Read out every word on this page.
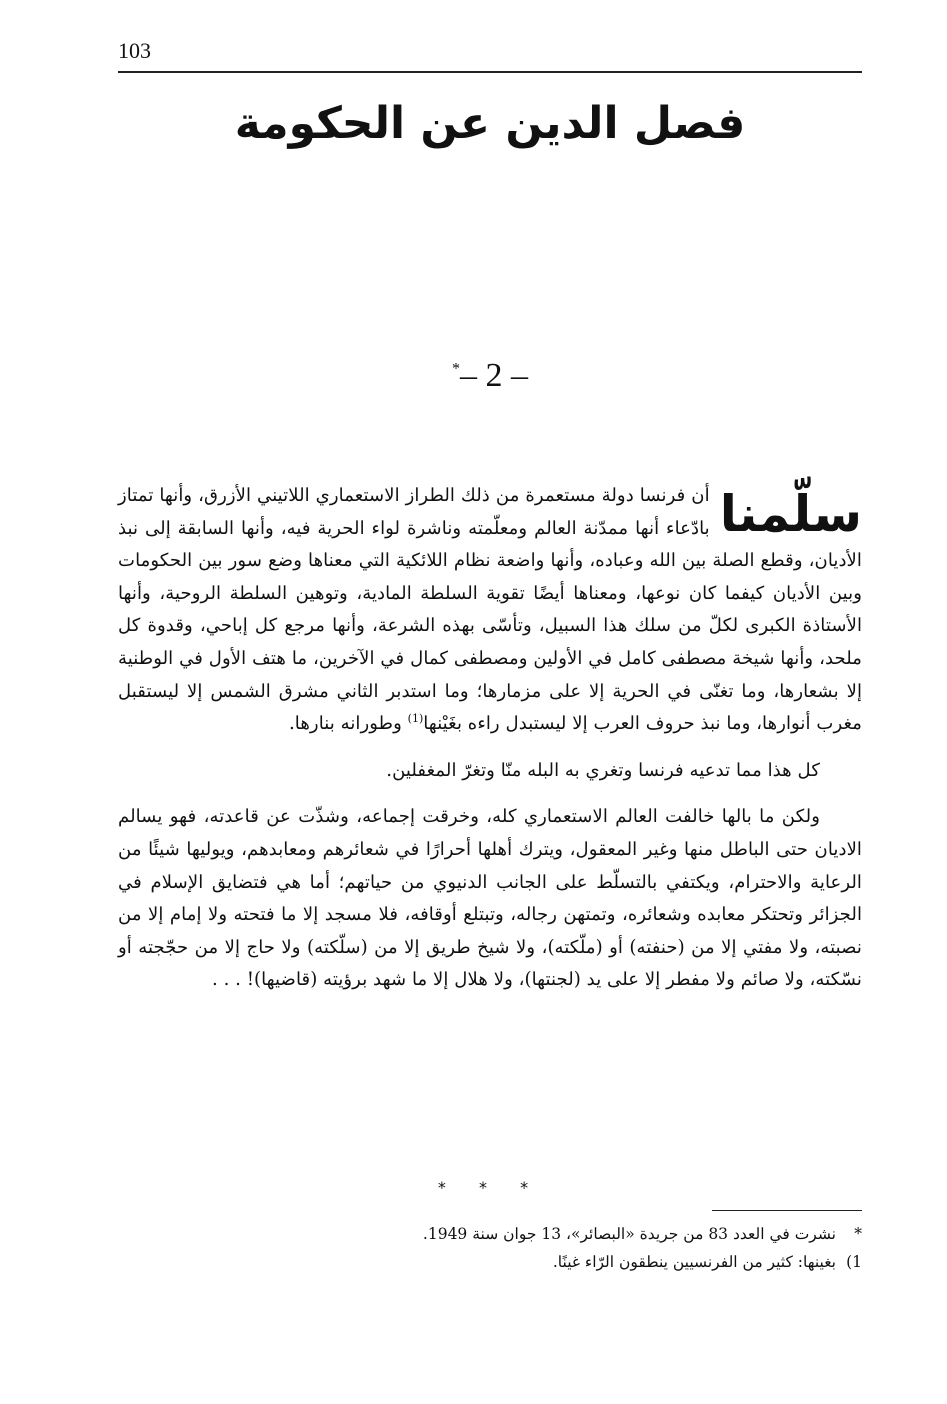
103
فصل الدين عن الحكومة
*– 2 –

سلّمنا
أن فرنسا دولة مستعمرة من ذلك الطراز الاستعماري اللاتيني الأزرق، وأنها تمتاز بادّعاء أنها ممدّنة العالم ومعلّمته وناشرة لواء الحرية فيه، وأنها السابقة إلى نبذ الأديان، وقطع الصلة بين الله وعباده، وأنها واضعة نظام اللائكية التي معناها وضع سور بين الحكومات وبين الأديان كيفما كان نوعها، ومعناها أيضًا تقوية السلطة المادية، وتوهين السلطة الروحية، وأنها الأستاذة الكبرى لكلّ من سلك هذا السبيل، وتأسّى بهذه الشرعة، وأنها مرجع كل إباحي، وقدوة كل ملحد، وأنها شيخة مصطفى كامل في الأولين ومصطفى كمال في الآخرين، ما هتف الأول في الوطنية إلا بشعارها، وما تغنّى في الحرية إلا على مزمارها؛ وما استدبر الثاني مشرق الشمس إلا ليستقبل مغرب أنوارها، وما نبذ حروف العرب إلا ليستبدل راءه بغَيْنها$^{(1)}$ وطورانه بنارها.

كل هذا مما تدعيه فرنسا وتغري به البله منّا وتغرّ المغفلين.

ولكن ما بالها خالفت العالم الاستعماري كله، وخرقت إجماعه، وشذّت عن قاعدته، فهو يسالم الاديان حتى الباطل منها وغير المعقول، ويترك أهلها أحرارًا في شعائرهم ومعابدهم، ويوليها شيئًا من الرعاية والاحترام، ويكتفي بالتسلّط على الجانب الدنيوي من حياتهم؛ أما هي فتضايق الإسلام في الجزائر وتحتكر معابده وشعائره، وتمتهن رجاله، وتبتلع أوقافه، فلا مسجد إلا ما فتحته ولا إمام إلا من نصبته، ولا مفتي إلا من (حنفته) أو (ملّكته)، ولا شيخ طريق إلا من (سلّكته) ولا حاج إلا من حجّجته أو نسّكته، ولا صائم ولا مفطر إلا على يد (لجنتها)، ولا هلال إلا ما شهد برؤيته (قاضيها)! . . .

* * *

*نشرت في العدد 83 من جريدة «البصائر»، 13 جوان سنة 1949.

1)بغينها: كثير من الفرنسيين ينطقون الرّاء غينًا.
